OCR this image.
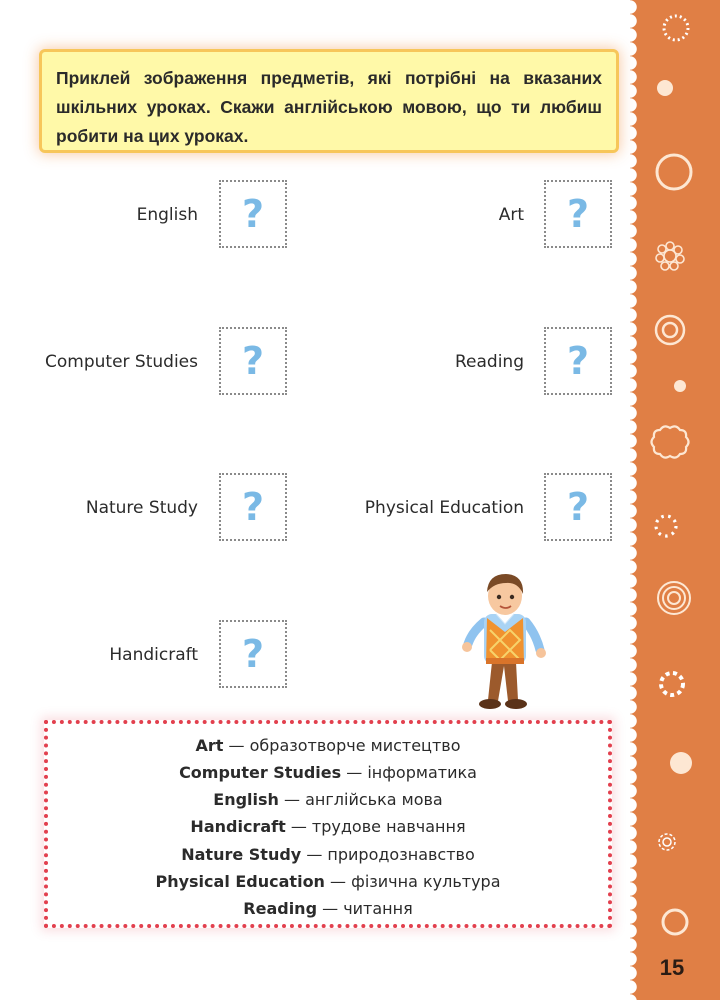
15
Приклей зображення предметів, які потрібні на вказаних шкільних уроках. Скажи англійською мовою, що ти любиш робити на цих уроках.
English	?
Computer Studies	?
Nature Study	?
Handicraft	?
Art	?
Reading	?
Physical Education	?
Art — образотворче мистецтво
Computer Studies — інформатика
English — англійська мова
Handicraft — трудове навчання
Nature Study — природознавство
Physical Education — фізична культура
Reading — читання
